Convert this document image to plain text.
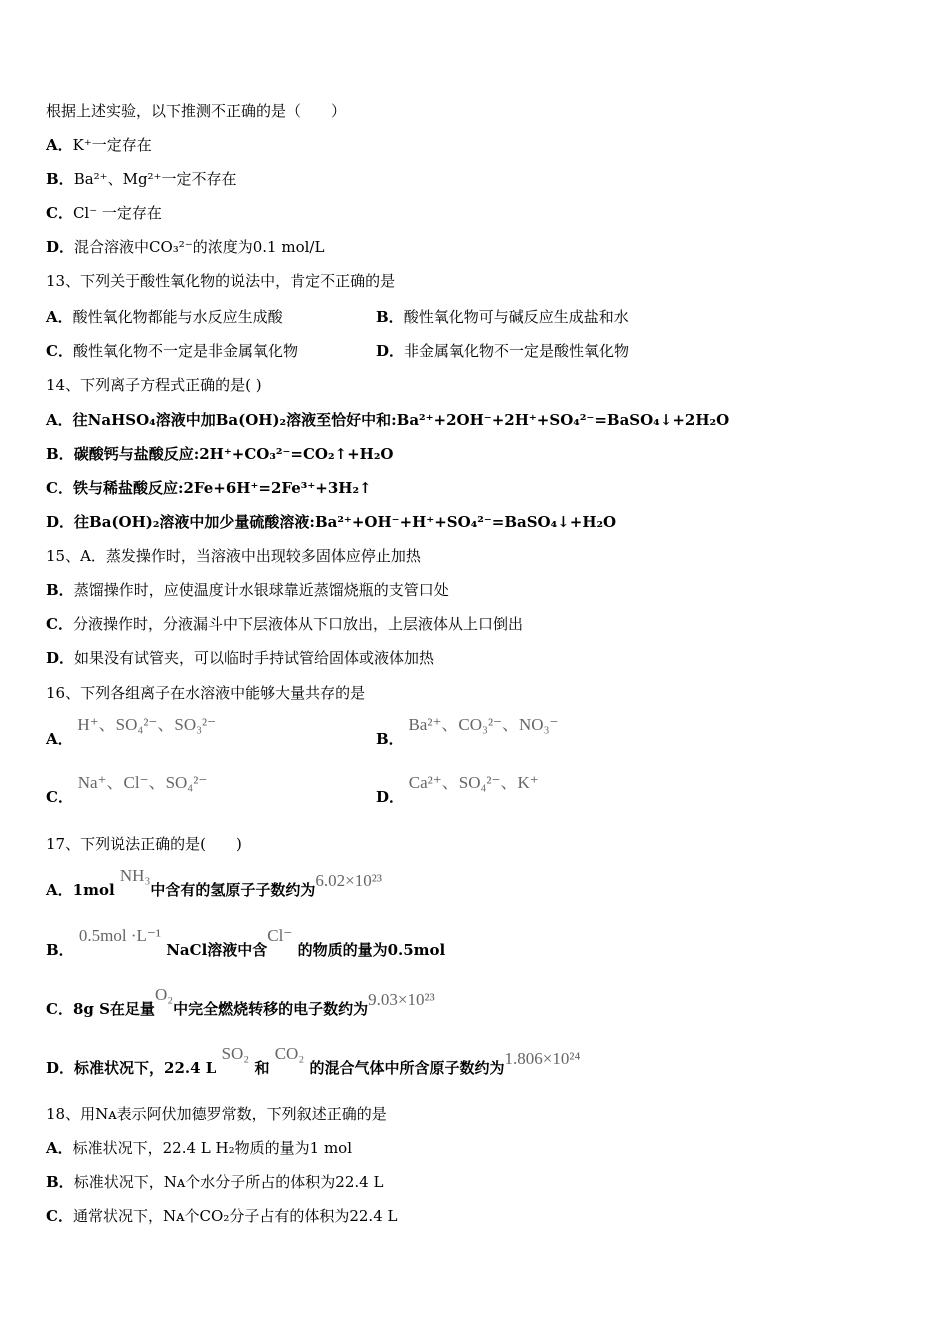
根据上述实验，以下推测不正确的是（　　）
A．K⁺一定存在
B．Ba²⁺、Mg²⁺一定不存在
C．Cl⁻ 一定存在
D．混合溶液中CO₃²⁻的浓度为0.1 mol/L
13、下列关于酸性氧化物的说法中，肯定不正确的是
A．酸性氧化物都能与水反应生成酸	B．酸性氧化物可与碱反应生成盐和水
C．酸性氧化物不一定是非金属氧化物	D．非金属氧化物不一定是酸性氧化物
14、下列离子方程式正确的是( )
A．往NaHSO₄溶液中加Ba(OH)₂溶液至恰好中和:Ba²⁺+2OH⁻+2H⁺+SO₄²⁻=BaSO₄↓+2H₂O
B．碳酸钙与盐酸反应:2H⁺+CO₃²⁻=CO₂↑+H₂O
C．铁与稀盐酸反应:2Fe+6H⁺=2Fe³⁺+3H₂↑
D．往Ba(OH)₂溶液中加少量硫酸溶液:Ba²⁺+OH⁻+H⁺+SO₄²⁻=BaSO₄↓+H₂O
15、A．蒸发操作时，当溶液中出现较多固体应停止加热
B．蒸馏操作时，应使温度计水银球靠近蒸馏烧瓶的支管口处
C．分液操作时，分液漏斗中下层液体从下口放出，上层液体从上口倒出
D．如果没有试管夹，可以临时手持试管给固体或液体加热
16、下列各组离子在水溶液中能够大量共存的是
A． H⁺、SO₄²⁻、SO₃²⁻
B． Ba²⁺、CO₃²⁻、NO₃⁻
C． Na⁺、Cl⁻、SO₄²⁻
D． Ca²⁺、SO₄²⁻、K⁺
17、下列说法正确的是(　　)
A．1mol NH₃中含有的氢原子子数约为6.02×10²³
B． 0.5mol ·L⁻¹ NaCl溶液中含Cl⁻ 的物质的量为0.5mol
C．8g S在足量O₂中完全燃烧转移的电子数约为9.03×10²³
D．标准状况下，22.4 L SO₂ 和 CO₂ 的混合气体中所含原子数约为1.806×10²⁴
18、用Nᴀ表示阿伏加德罗常数，下列叙述正确的是
A．标准状况下，22.4 L H₂物质的量为1 mol
B．标准状况下，Nᴀ个水分子所占的体积为22.4 L
C．通常状况下，Nᴀ个CO₂分子占有的体积为22.4 L
